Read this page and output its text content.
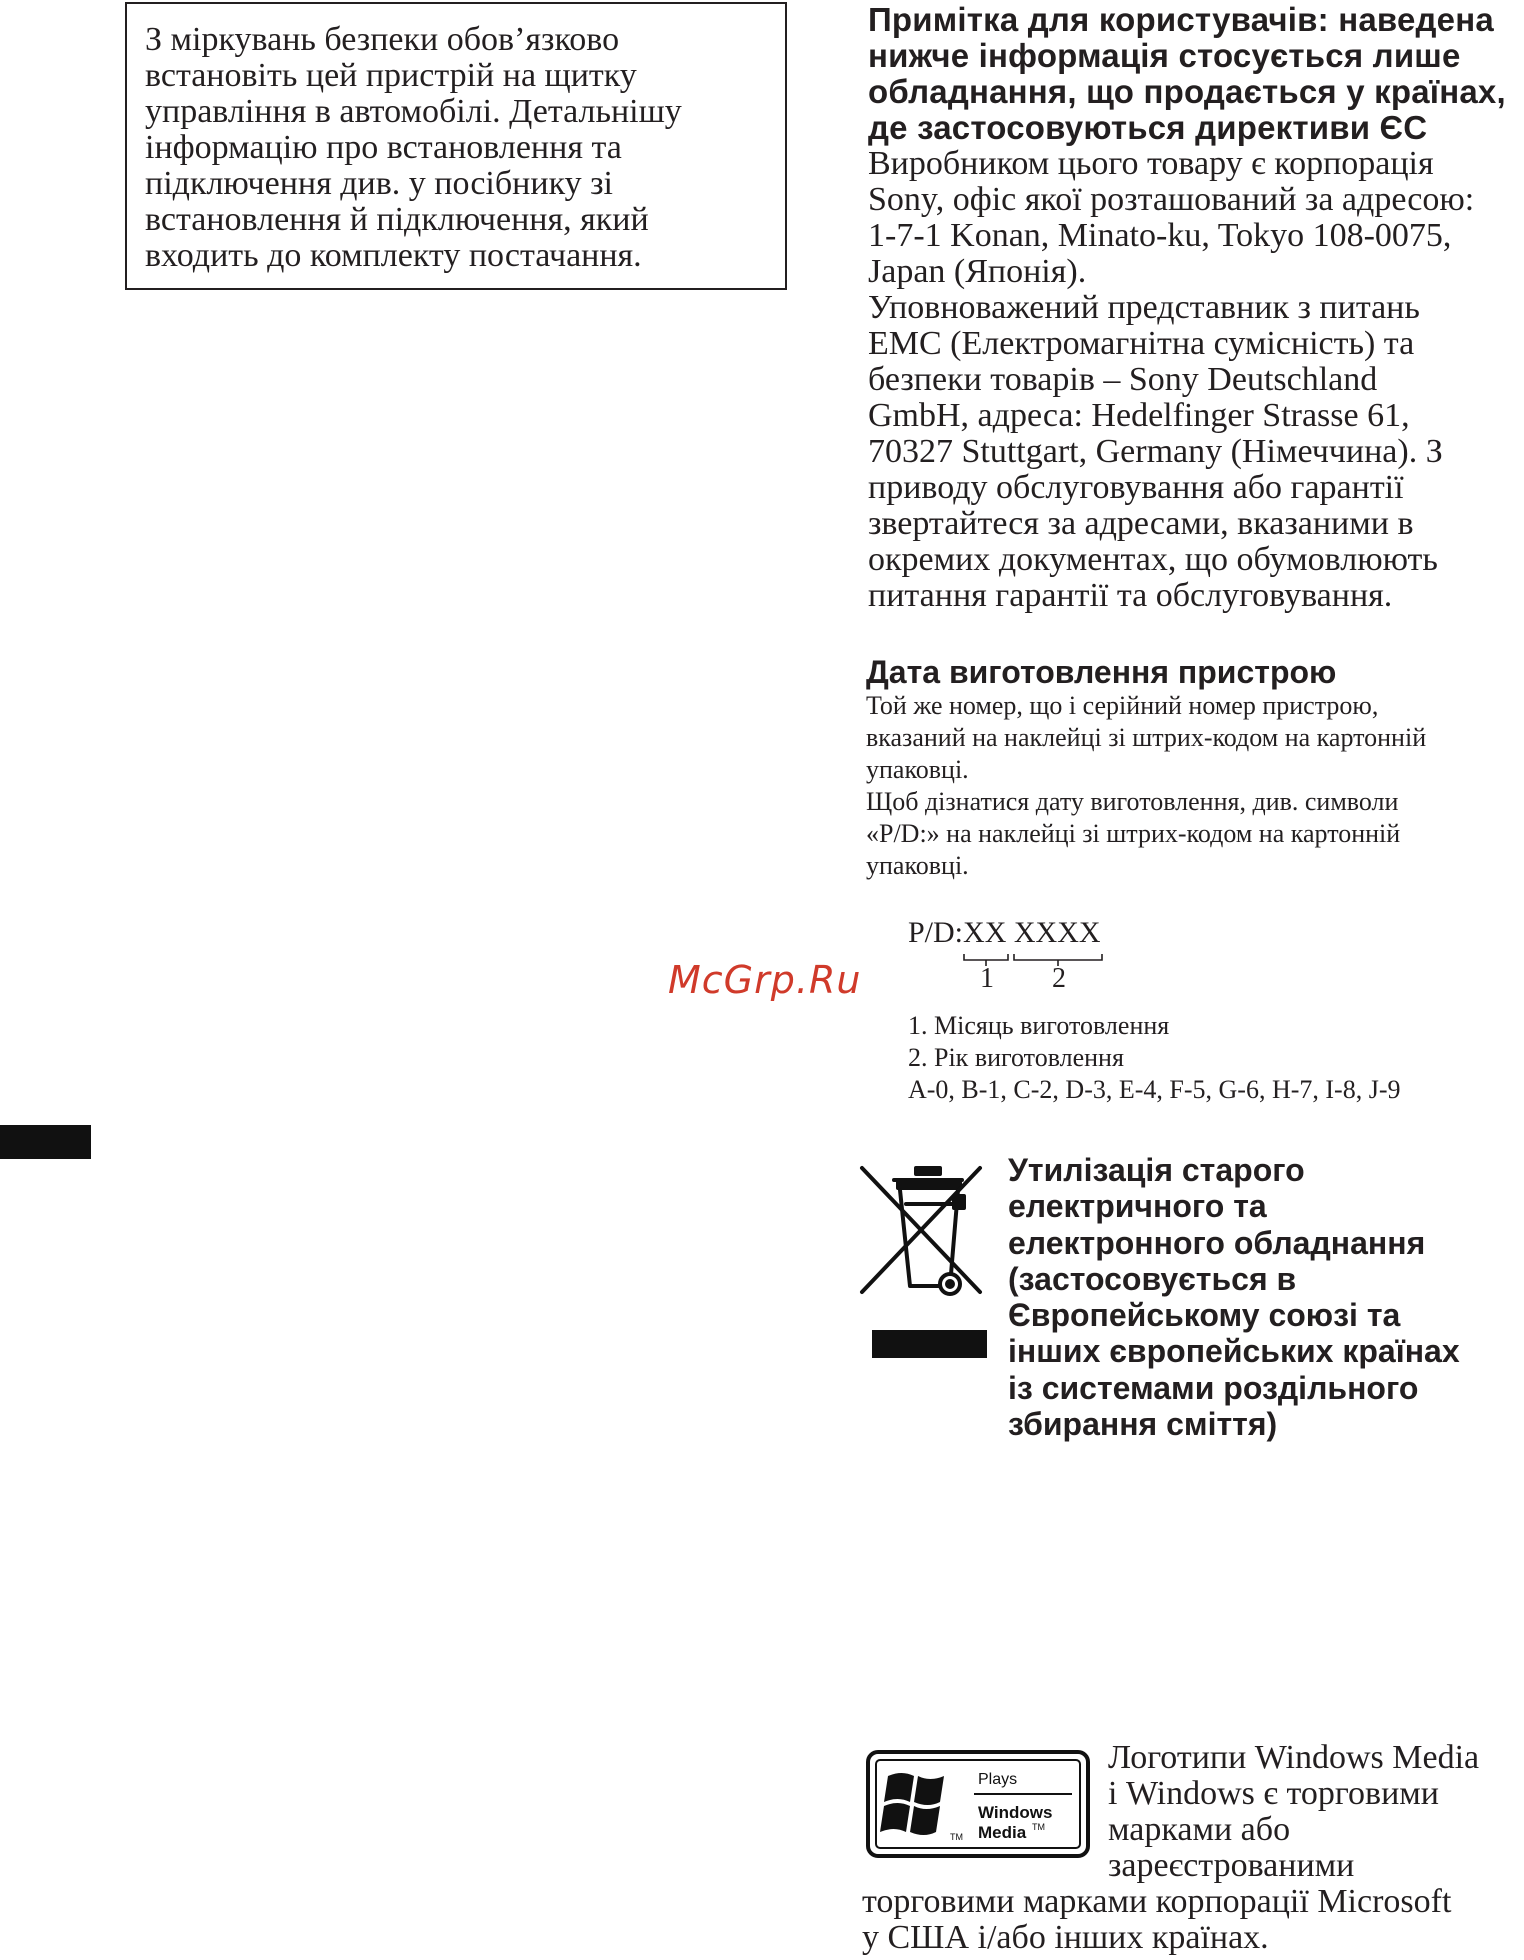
З міркувань безпеки обов’язково
встановіть цей пристрій на щитку
управління в автомобілі. Детальнішу
інформацію про встановлення та
підключення див. у посібнику зі
встановлення й підключення, який
входить до комплекту постачання.
Примітка для користувачів: наведена
нижче інформація стосується лише
обладнання, що продається у країнах,
де застосовуються директиви ЄС
Виробником цього товару є корпорація
Sony, офіс якої розташований за адресою:
1-7-1 Konan, Minato-ku, Tokyo 108-0075,
Japan (Японія).
Уповноважений представник з питань
EMC (Електромагнітна сумісність) та
безпеки товарів – Sony Deutschland
GmbH, адреса: Hedelfinger Strasse 61,
70327 Stuttgart, Germany (Німеччина). З
приводу обслуговування або гарантії
звертайтеся за адресами, вказаними в
окремих документах, що обумовлюють
питання гарантії та обслуговування.
Дата виготовлення пристрою
Той же номер, що і серійний номер пристрою,
вказаний на наклейці зі штрих-кодом на картонній
упаковці.
Щоб дізнатися дату виготовлення, див. символи
«P/D:» на наклейці зі штрих-кодом на картонній
упаковці.
P/D:XX XXXX
1 2
1. Місяць виготовлення
2. Рік виготовлення
A-0, B-1, C-2, D-3, E-4, F-5, G-6, H-7, I-8, J-9
McGrp.Ru
Утилізація старого
електричного та
електронного обладнання
(застосовується в
Європейському союзі та
інших європейських країнах
із системами роздільного
збирання сміття)
Plays
Windows
Media TM
TM
Логотипи Windows Media
і Windows є торговими
марками або
зареєстрованими
торговими марками корпорації Microsoft
у США і/або інших країнах.
